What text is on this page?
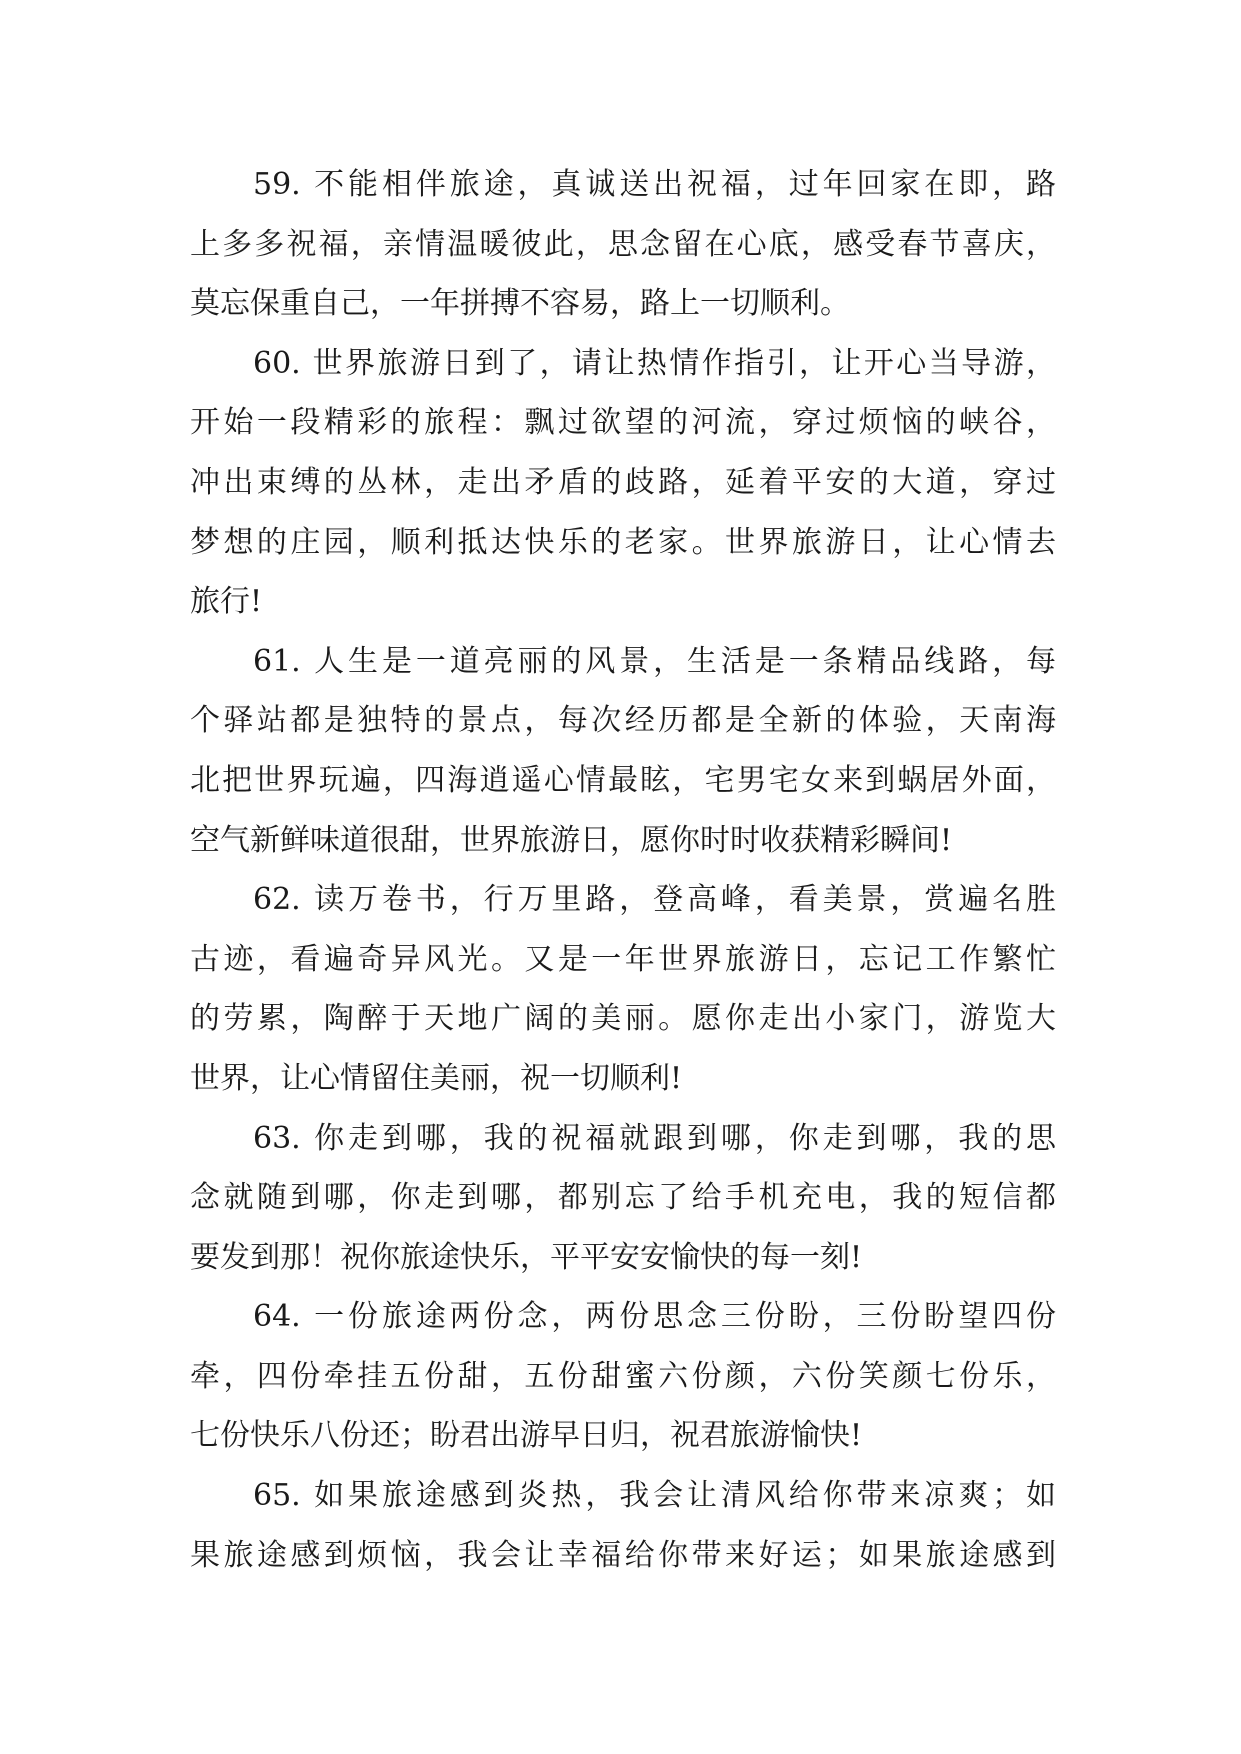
59. 不能相伴旅途，真诚送出祝福，过年回家在即，路
上多多祝福，亲情温暖彼此，思念留在心底，感受春节喜庆，
莫忘保重自己，一年拼搏不容易，路上一切顺利。
60. 世界旅游日到了，请让热情作指引，让开心当导游，
开始一段精彩的旅程：飘过欲望的河流，穿过烦恼的峡谷，
冲出束缚的丛林，走出矛盾的歧路，延着平安的大道，穿过
梦想的庄园，顺利抵达快乐的老家。世界旅游日，让心情去
旅行!
61. 人生是一道亮丽的风景，生活是一条精品线路，每
个驿站都是独特的景点，每次经历都是全新的体验，天南海
北把世界玩遍，四海逍遥心情最眩，宅男宅女来到蜗居外面，
空气新鲜味道很甜，世界旅游日，愿你时时收获精彩瞬间!
62. 读万卷书，行万里路，登高峰，看美景，赏遍名胜
古迹，看遍奇异风光。又是一年世界旅游日，忘记工作繁忙
的劳累，陶醉于天地广阔的美丽。愿你走出小家门，游览大
世界，让心情留住美丽，祝一切顺利!
63. 你走到哪，我的祝福就跟到哪，你走到哪，我的思
念就随到哪，你走到哪，都别忘了给手机充电，我的短信都
要发到那！祝你旅途快乐，平平安安愉快的每一刻!
64. 一份旅途两份念，两份思念三份盼，三份盼望四份
牵，四份牵挂五份甜，五份甜蜜六份颜，六份笑颜七份乐，
七份快乐八份还；盼君出游早日归，祝君旅游愉快!
65. 如果旅途感到炎热，我会让清风给你带来凉爽；如
果旅途感到烦恼，我会让幸福给你带来好运；如果旅途感到
